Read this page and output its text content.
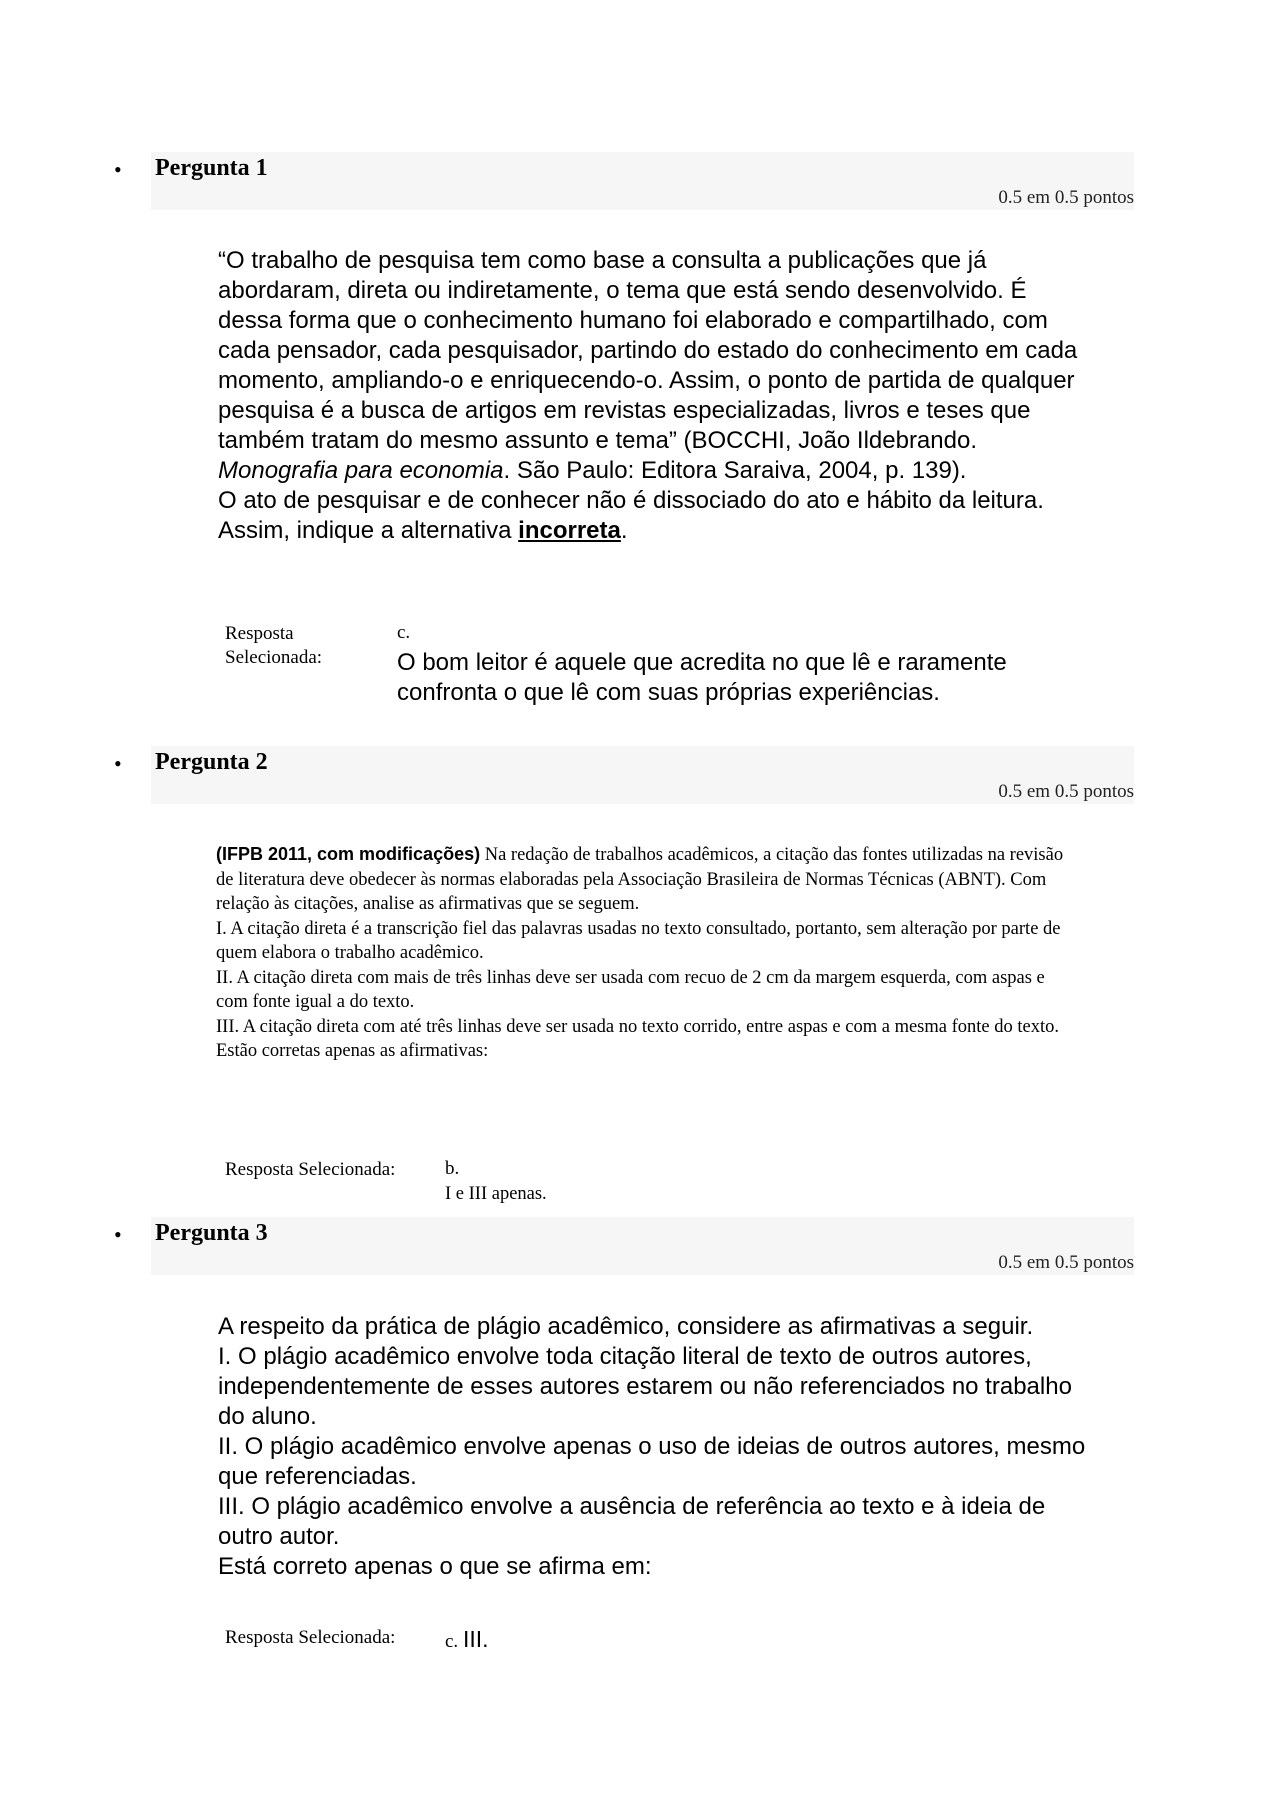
• Pergunta 1
0.5 em 0.5 pontos

“O trabalho de pesquisa tem como base a consulta a publicações que já abordaram, direta ou indiretamente, o tema que está sendo desenvolvido. É dessa forma que o conhecimento humano foi elaborado e compartilhado, com cada pensador, cada pesquisador, partindo do estado do conhecimento em cada momento, ampliando-o e enriquecendo-o. Assim, o ponto de partida de qualquer pesquisa é a busca de artigos em revistas especializadas, livros e teses que também tratam do mesmo assunto e tema” (BOCCHI, João Ildebrando. Monografia para economia. São Paulo: Editora Saraiva, 2004, p. 139).

O ato de pesquisar e de conhecer não é dissociado do ato e hábito da leitura. Assim, indique a alternativa incorreta.

Resposta
Selecionada:
c.
O bom leitor é aquele que acredita no que lê e raramente confronta o que lê com suas próprias experiências.
• Pergunta 2
0.5 em 0.5 pontos

(IFPB 2011, com modificações) Na redação de trabalhos acadêmicos, a citação das fontes utilizadas na revisão de literatura deve obedecer às normas elaboradas pela Associação Brasileira de Normas Técnicas (ABNT). Com relação às citações, analise as afirmativas que se seguem.

I. A citação direta é a transcrição fiel das palavras usadas no texto consultado, portanto, sem alteração por parte de quem elabora o trabalho acadêmico.

II. A citação direta com mais de três linhas deve ser usada com recuo de 2 cm da margem esquerda, com aspas e com fonte igual a do texto.

III. A citação direta com até três linhas deve ser usada no texto corrido, entre aspas e com a mesma fonte do texto.

Estão corretas apenas as afirmativas:

Resposta Selecionada:	b.
I e III apenas.
• Pergunta 3
0.5 em 0.5 pontos

A respeito da prática de plágio acadêmico, considere as afirmativas a seguir.

I. O plágio acadêmico envolve toda citação literal de texto de outros autores, independentemente de esses autores estarem ou não referenciados no trabalho do aluno.

II. O plágio acadêmico envolve apenas o uso de ideias de outros autores, mesmo que referenciadas.

III. O plágio acadêmico envolve a ausência de referência ao texto e à ideia de outro autor.

Está correto apenas o que se afirma em:

Resposta Selecionada:	c. III.
